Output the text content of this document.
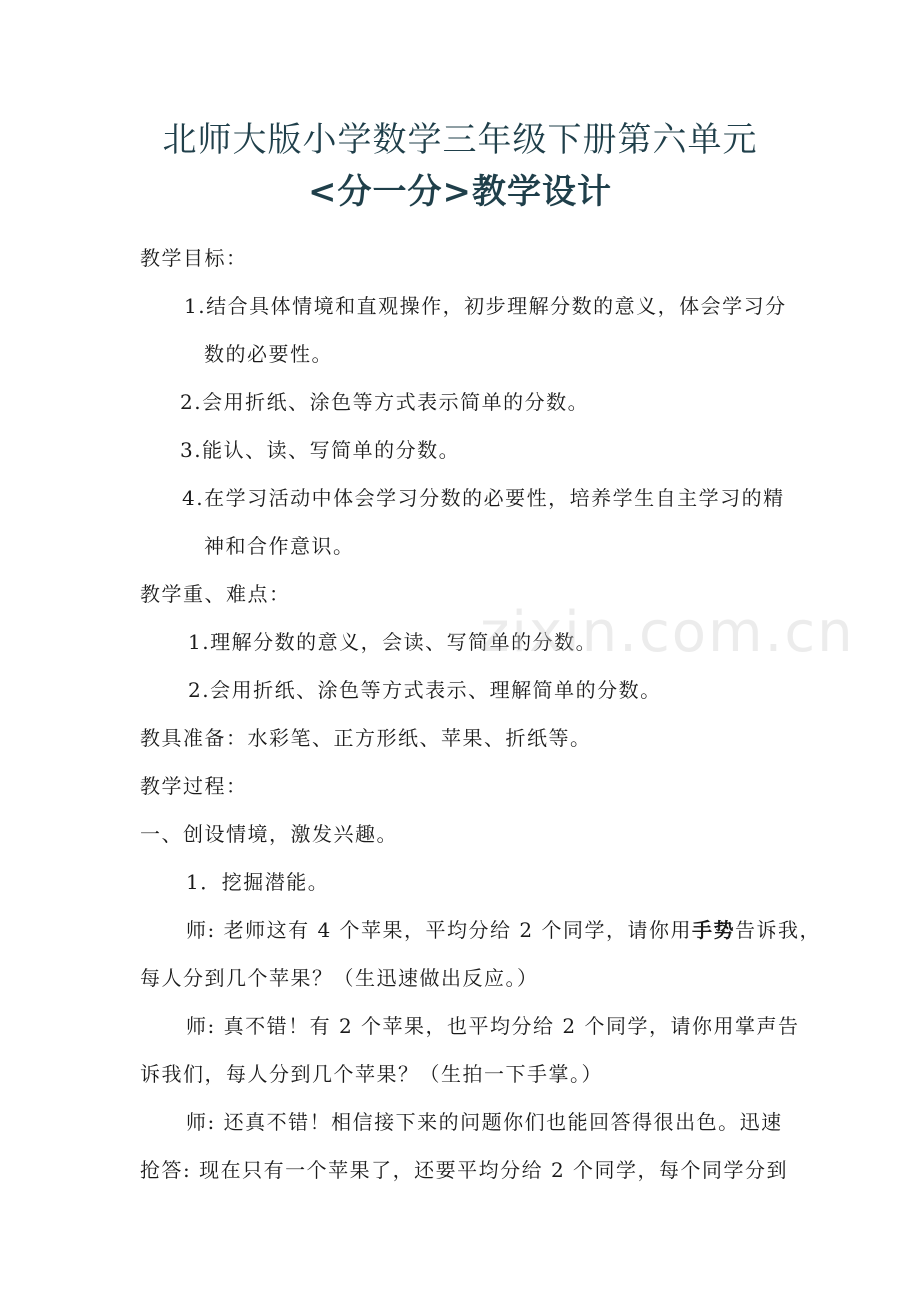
北师大版小学数学三年级下册第六单元
<分一分>教学设计
教学目标：
1.结合具体情境和直观操作，初步理解分数的意义，体会学习分
数的必要性。
2.会用折纸、涂色等方式表示简单的分数。
3.能认、读、写简单的分数。
4.在学习活动中体会学习分数的必要性，培养学生自主学习的精
神和合作意识。
教学重、难点：
1.理解分数的意义，会读、写简单的分数。
2.会用折纸、涂色等方式表示、理解简单的分数。
教具准备：水彩笔、正方形纸、苹果、折纸等。
教学过程：
一、创设情境，激发兴趣。
1．挖掘潜能。
师: 老师这有 4 个苹果，平均分给 2 个同学，请你用手势告诉我，
每人分到几个苹果？（生迅速做出反应。）
师: 真不错！有 2 个苹果，也平均分给 2 个同学，请你用掌声告
诉我们，每人分到几个苹果？（生拍一下手掌。）
师: 还真不错！相信接下来的问题你们也能回答得很出色。迅速
抢答: 现在只有一个苹果了，还要平均分给 2 个同学，每个同学分到
zixin.com.cn
